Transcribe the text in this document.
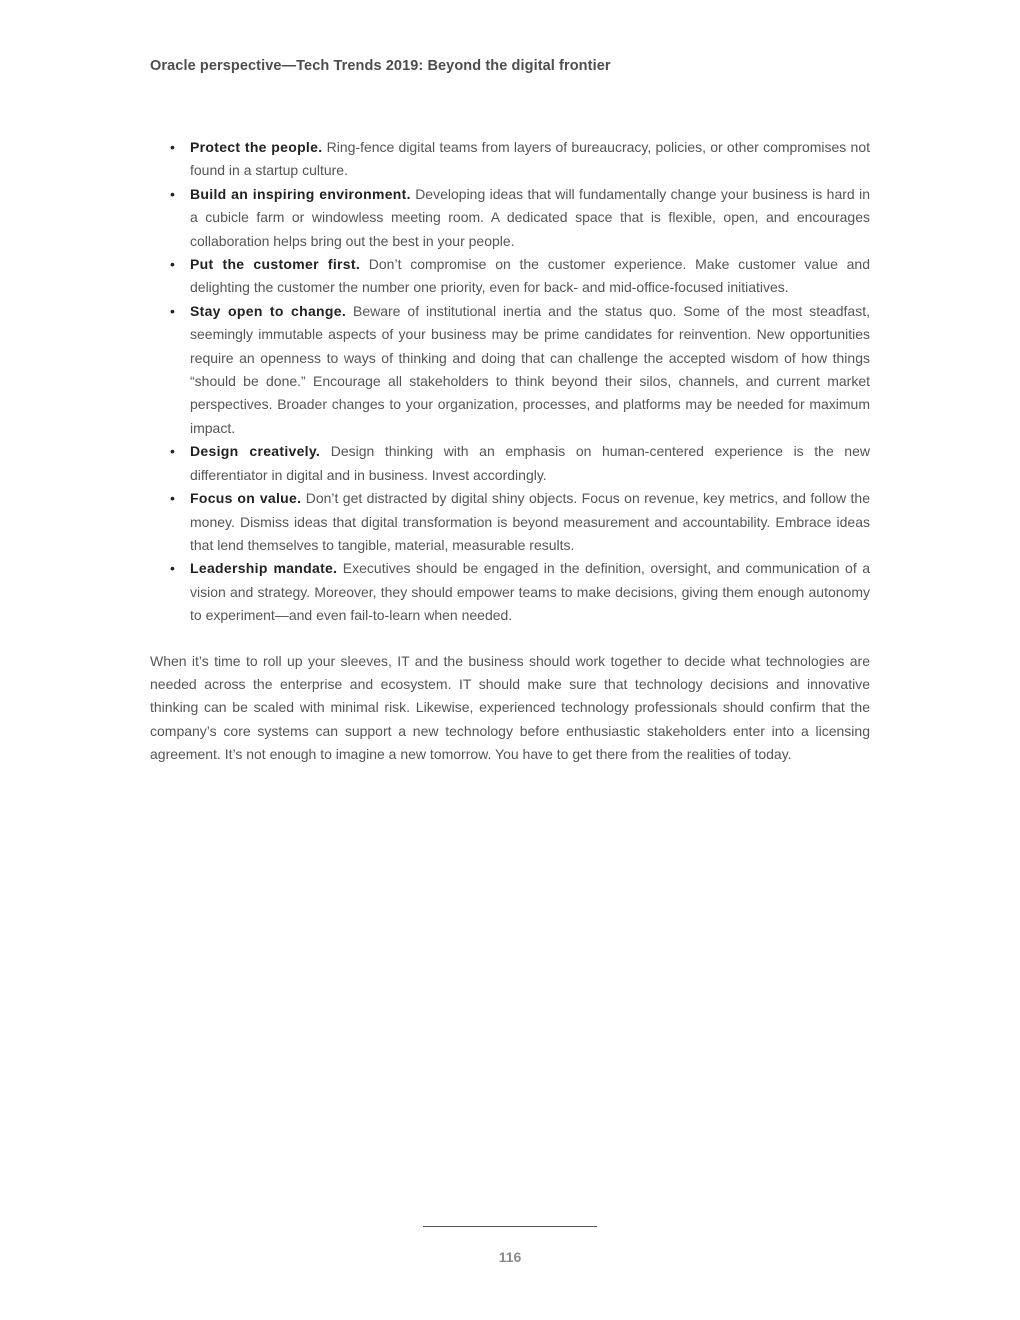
Oracle perspective—Tech Trends 2019: Beyond the digital frontier
• Protect the people. Ring-fence digital teams from layers of bureaucracy, policies, or other compromises not found in a startup culture.
• Build an inspiring environment. Developing ideas that will fundamentally change your business is hard in a cubicle farm or windowless meeting room. A dedicated space that is flexible, open, and encourages collaboration helps bring out the best in your people.
• Put the customer first. Don’t compromise on the customer experience. Make customer value and delighting the customer the number one priority, even for back- and mid-office-focused initiatives.
• Stay open to change. Beware of institutional inertia and the status quo. Some of the most steadfast, seemingly immutable aspects of your business may be prime candidates for reinvention. New opportunities require an openness to ways of thinking and doing that can challenge the accepted wisdom of how things “should be done.” Encourage all stakeholders to think beyond their silos, channels, and current market perspectives. Broader changes to your organization, processes, and platforms may be needed for maximum impact.
• Design creatively. Design thinking with an emphasis on human-centered experience is the new differentiator in digital and in business. Invest accordingly.
• Focus on value. Don’t get distracted by digital shiny objects. Focus on revenue, key metrics, and follow the money. Dismiss ideas that digital transformation is beyond measurement and accountability. Embrace ideas that lend themselves to tangible, material, measurable results.
• Leadership mandate. Executives should be engaged in the definition, oversight, and communication of a vision and strategy. Moreover, they should empower teams to make decisions, giving them enough autonomy to experiment—and even fail-to-learn when needed.

When it’s time to roll up your sleeves, IT and the business should work together to decide what technologies are needed across the enterprise and ecosystem. IT should make sure that technology decisions and innovative thinking can be scaled with minimal risk. Likewise, experienced technology professionals should confirm that the company’s core systems can support a new technology before enthusiastic stakeholders enter into a licensing agreement. It’s not enough to imagine a new tomorrow. You have to get there from the realities of today.

116
